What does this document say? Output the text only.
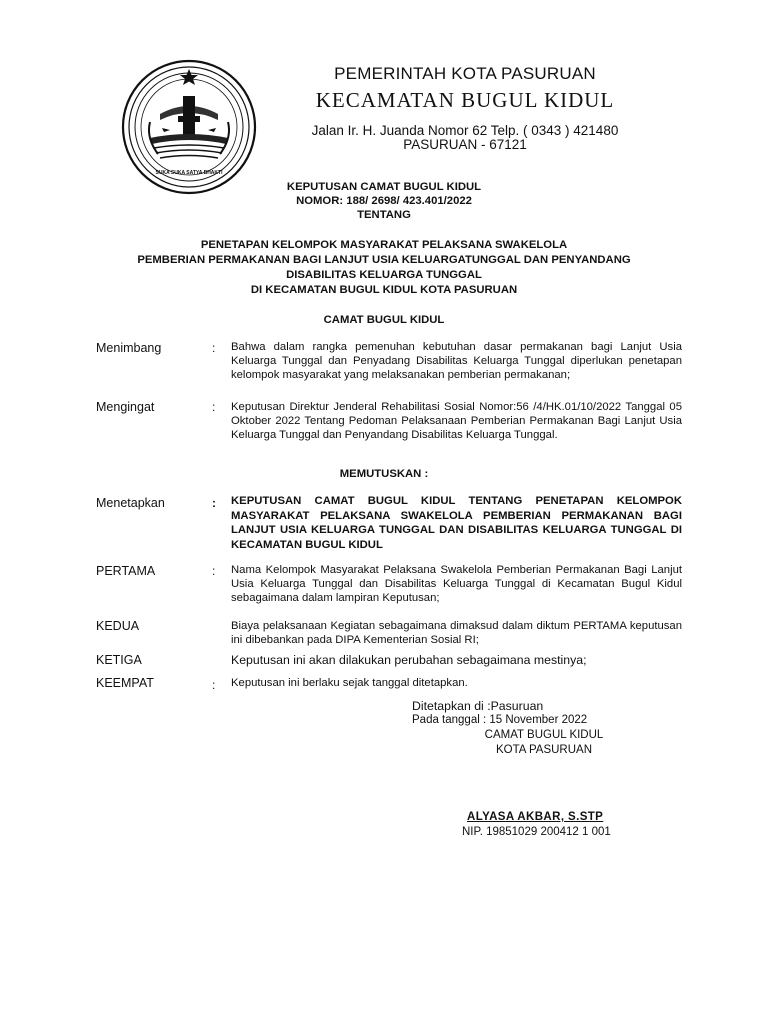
SUKA SUKA SATYA BHAKTI
PEMERINTAH KOTA PASURUAN
KECAMATAN BUGUL KIDUL
Jalan Ir. H. Juanda Nomor 62 Telp. ( 0343 ) 421480
PASURUAN - 67121
KEPUTUSAN CAMAT BUGUL KIDUL
NOMOR: 188/ 2698/ 423.401/2022
TENTANG
PENETAPAN KELOMPOK MASYARAKAT PELAKSANA SWAKELOLA
PEMBERIAN PERMAKANAN BAGI LANJUT USIA KELUARGATUNGGAL DAN PENYANDANG
DISABILITAS KELUARGA TUNGGAL
DI KECAMATAN BUGUL KIDUL KOTA PASURUAN
CAMAT BUGUL KIDUL
Menimbang	: Bahwa dalam rangka pemenuhan kebutuhan dasar permakanan bagi Lanjut Usia Keluarga Tunggal dan Penyadang Disabilitas Keluarga Tunggal diperlukan penetapan kelompok masyarakat yang melaksanakan pemberian permakanan;
Mengingat	: Keputusan Direktur Jenderal Rehabilitasi Sosial Nomor:56 /4/HK.01/10/2022 Tanggal 05 Oktober 2022 Tentang Pedoman Pelaksanaan Pemberian Permakanan Bagi Lanjut Usia Keluarga Tunggal dan Penyandang Disabilitas Keluarga Tunggal.
MEMUTUSKAN :
Menetapkan	: KEPUTUSAN CAMAT BUGUL KIDUL TENTANG PENETAPAN KELOMPOK MASYARAKAT PELAKSANA SWAKELOLA PEMBERIAN PERMAKANAN BAGI LANJUT USIA KELUARGA TUNGGAL DAN DISABILITAS KELUARGA TUNGGAL DI KECAMATAN BUGUL KIDUL
PERTAMA	: Nama Kelompok Masyarakat Pelaksana Swakelola Pemberian Permakanan Bagi Lanjut Usia Keluarga Tunggal dan Disabilitas Keluarga Tunggal di Kecamatan Bugul Kidul sebagaimana dalam lampiran Keputusan;
KEDUA	Biaya pelaksanaan Kegiatan sebagaimana dimaksud dalam diktum PERTAMA keputusan ini dibebankan pada DIPA Kementerian Sosial RI;
KETIGA	Keputusan ini akan dilakukan perubahan sebagaimana mestinya;
KEEMPAT	: Keputusan ini berlaku sejak tanggal ditetapkan.
Ditetapkan di :Pasuruan
Pada tanggal : 15 November 2022
CAMAT BUGUL KIDUL
KOTA PASURUAN
ALYASA AKBAR, S.STP
NIP. 19851029 200412 1 001
